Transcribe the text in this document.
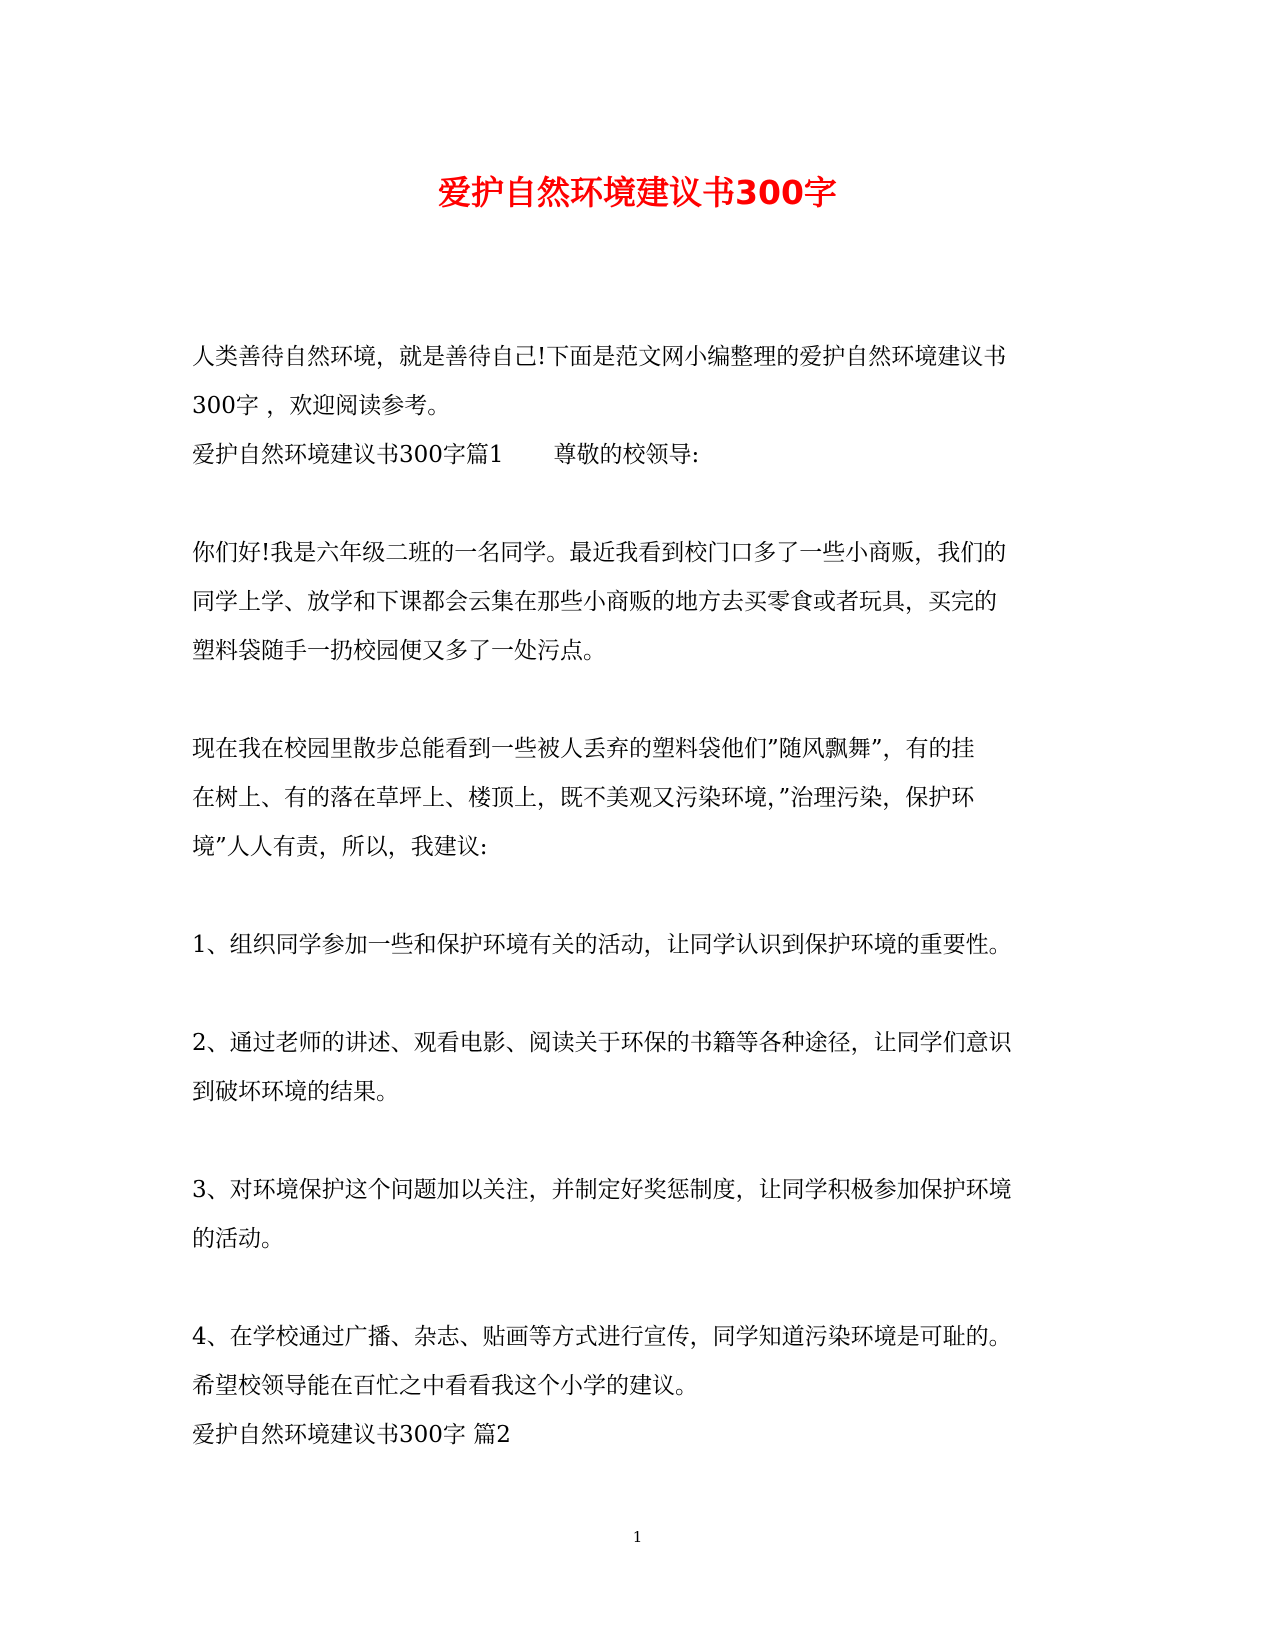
爱护自然环境建议书300字
人类善待自然环境，就是善待自己!下面是范文网小编整理的爱护自然环境建议书
300字 ，欢迎阅读参考。
爱护自然环境建议书300字篇1 尊敬的校领导:
你们好!我是六年级二班的一名同学。最近我看到校门口多了一些小商贩，我们的
同学上学、放学和下课都会云集在那些小商贩的地方去买零食或者玩具，买完的
塑料袋随手一扔校园便又多了一处污点。
现在我在校园里散步总能看到一些被人丢弃的塑料袋他们”随风飘舞”，有的挂
在树上、有的落在草坪上、楼顶上，既不美观又污染环境，”治理污染，保护环
境”人人有责，所以，我建议:
1、组织同学参加一些和保护环境有关的活动，让同学认识到保护环境的重要性。
2、通过老师的讲述、观看电影、阅读关于环保的书籍等各种途径，让同学们意识
到破坏环境的结果。
3、对环境保护这个问题加以关注，并制定好奖惩制度，让同学积极参加保护环境
的活动。
4、在学校通过广播、杂志、贴画等方式进行宣传，同学知道污染环境是可耻的。
希望校领导能在百忙之中看看我这个小学的建议。
爱护自然环境建议书300字 篇2
1
